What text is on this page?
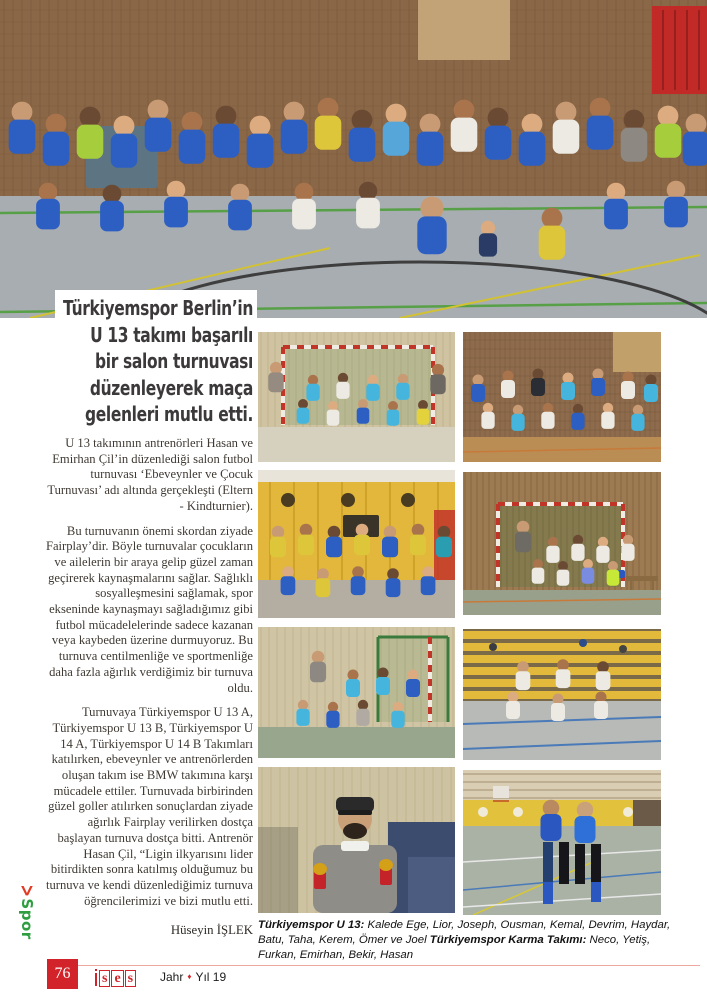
Türkiyemspor Berlin’in
U 13 takımı başarılı
bir salon turnuvası
düzenleyerek maça
gelenleri mutlu etti.

U 13 takımının antrenörleri Hasan ve Emirhan Çil’in düzenlediği salon futbol turnuvası ‘Ebeveynler ve Çocuk Turnuvası’ adı altında gerçekleşti (Eltern - Kindturnier).

Bu turnuvanın önemi skordan ziyade Fairplay’dir. Böyle turnuvalar çocukların ve ailelerin bir araya gelip güzel zaman geçirerek kaynaşmalarını sağlar. Sağlıklı sosyalleşmesini sağlamak, spor ekseninde kaynaşmayı sağladığımız gibi futbol mücadelelerinde sadece kazanan veya kaybeden üzerine durmuyoruz. Bu turnuva centilmenliğe ve sportmenliğe daha fazla ağırlık verdiğimiz bir turnuva oldu.

Turnuvaya Türkiyemspor U 13 A, Türkiyemspor U 13 B, Türkiyemspor U 14 A, Türkiyemspor U 14 B Takımları katılırken, ebeveynler ve antrenörlerden oluşan takım ise BMW takımına karşı mücadele ettiler. Turnuvada birbirinden güzel goller atılırken sonuçlardan ziyade ağırlık Fairplay verilirken dostça başlayan turnuva dostça bitti. Antrenör Hasan Çil, “Ligin ilkyarısını lider bitirdikten sonra katılmış olduğumuz bu turnuva ve kendi düzenlediğimiz turnuva öğrencilerimizi ve bizi mutlu etti.

Hüseyin İŞLEK
>Spor	Türkiyemspor U 13: Kalede Ege, Lior, Joseph, Ousman, Kemal, Devrim, Haydar, Batu, Taha, Kerem, Ömer ve Joel Türkiyemspor Karma Takımı: Neco, Yetiş, Furkan, Emirhan, Bekir, Hasan
76	s e s	Jahr ♦ Yıl 19
